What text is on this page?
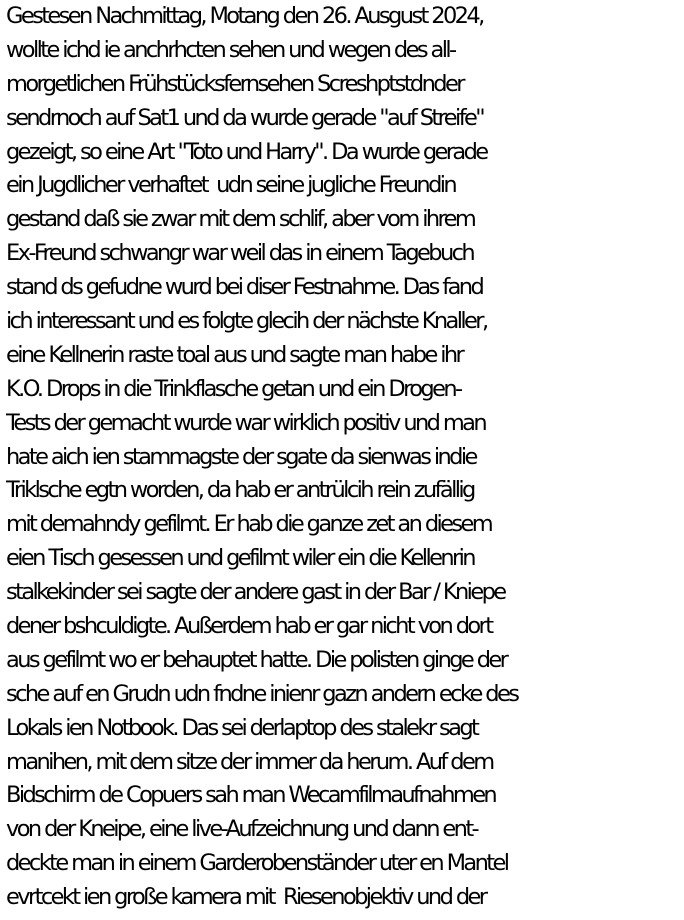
Gestesen Nachmittag, Motang den 26. Ausgust 2024,
wollte ichd ie anchrhcten sehen und wegen des all-
morgetlichen Frühstücksfernsehen Screshptstdnder
sendrnoch auf Sat1 und da wurde gerade "auf Streife"
gezeigt, so eine Art "Toto und Harry". Da wurde gerade
ein Jugdlicher verhaftet  udn seine jugliche Freundin
gestand daß sie zwar mit dem schlif, aber vom ihrem
Ex-Freund schwangr war weil das in einem Tagebuch
stand ds gefudne wurd bei diser Festnahme. Das fand
ich interessant und es folgte glecih der nächste Knaller,
eine Kellnerin raste toal aus und sagte man habe ihr
K.O. Drops in die Trinkflasche getan und ein Drogen-
Tests der gemacht wurde war wirklich positiv und man
hate aich ien stammagste der sgate da sienwas indie
Triklsche egtn worden, da hab er antrülcih rein zufällig
mit demahndy gefilmt. Er hab die ganze zet an diesem
eien Tisch gesessen und gefilmt wiler ein die Kellenrin
stalkekinder sei sagte der andere gast in der Bar / Kniepe
dener bshculdigte. Außerdem hab er gar nicht von dort
aus gefilmt wo er behauptet hatte. Die polisten ginge der
sche auf en Grudn udn fndne inienr gazn andern ecke des
Lokals ien Notbook. Das sei derlaptop des stalekr sagt
manihen, mit dem sitze der immer da herum. Auf dem
Bidschirm de Copuers sah man Wecamfilmaufnahmen
von der Kneipe, eine live-Aufzeichnung und dann ent-
deckte man in einem Garderobenständer uter en Mantel
evrtcekt ien große kamera mit  Riesenobjektiv und der
